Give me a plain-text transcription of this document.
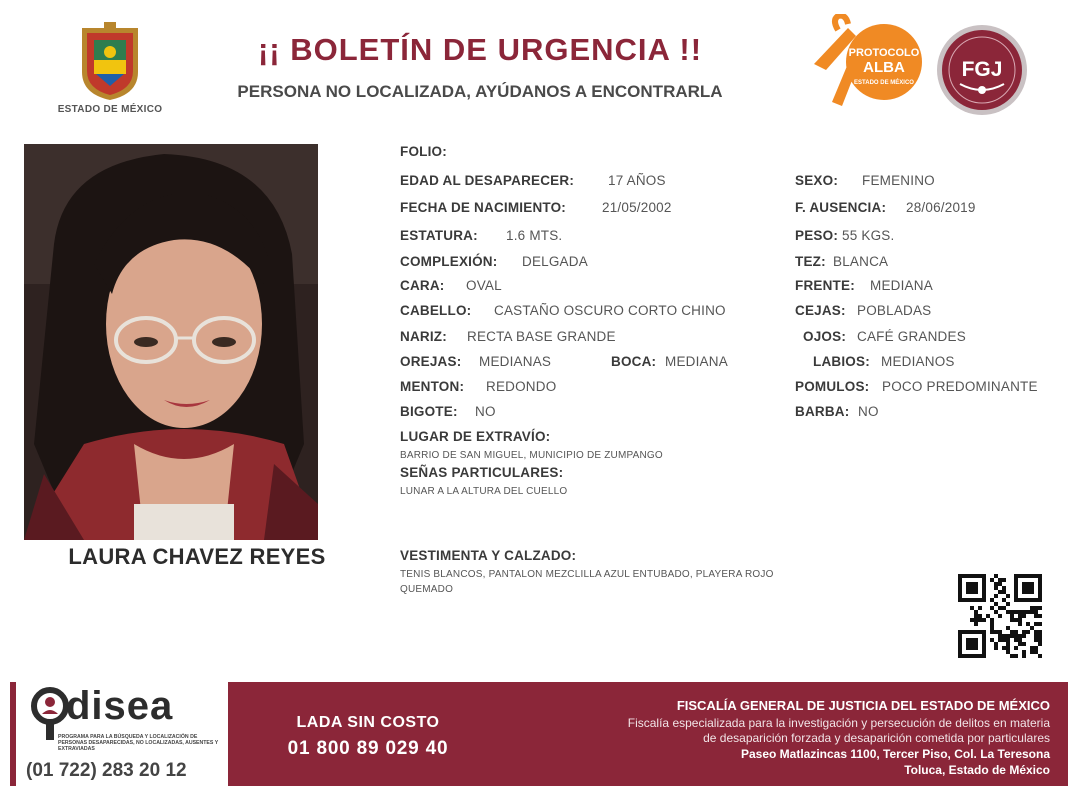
ESTADO DE MÉXICO
¡¡ BOLETÍN DE URGENCIA !!
PERSONA NO LOCALIZADA, AYÚDANOS A ENCONTRARLA
PROTOCOLO
ALBA
ESTADO DE MÉXICO
FGJ
LAURA CHAVEZ REYES
FOLIO:
EDAD AL DESAPARECER:	17 AÑOS
FECHA DE NACIMIENTO:	21/05/2002
ESTATURA: 1.6 MTS.
COMPLEXIÓN: DELGADA
CARA: OVAL
CABELLO: CASTAÑO OSCURO CORTO CHINO
NARIZ: RECTA BASE GRANDE
OREJAS: MEDIANAS	BOCA: MEDIANA
MENTON: REDONDO
BIGOTE: NO
LUGAR DE EXTRAVÍO:
BARRIO DE SAN MIGUEL, MUNICIPIO DE ZUMPANGO
SEÑAS PARTICULARES:
LUNAR A LA ALTURA DEL CUELLO
VESTIMENTA Y CALZADO:
TENIS BLANCOS, PANTALON MEZCLILLA AZUL ENTUBADO, PLAYERA ROJO
QUEMADO
SEXO: FEMENINO
F. AUSENCIA: 28/06/2019
PESO: 55 KGS.
TEZ: BLANCA
FRENTE: MEDIANA
CEJAS: POBLADAS
OJOS: CAFÉ GRANDES
LABIOS: MEDIANOS
POMULOS: POCO PREDOMINANTE
BARBA: NO
disea
PROGRAMA PARA LA BÚSQUEDA Y LOCALIZACIÓN DE PERSONAS DESAPARECIDAS, NO LOCALIZADAS, AUSENTES Y EXTRAVIADAS
(01 722) 283 20 12
LADA SIN COSTO
01 800 89 029 40
FISCALÍA GENERAL DE JUSTICIA DEL ESTADO DE MÉXICO
Fiscalía especializada para la investigación y persecución de delitos en materia
de desaparición forzada y desaparición cometida por particulares
Paseo Matlazincas 1100, Tercer Piso, Col. La Teresona
Toluca, Estado de México
